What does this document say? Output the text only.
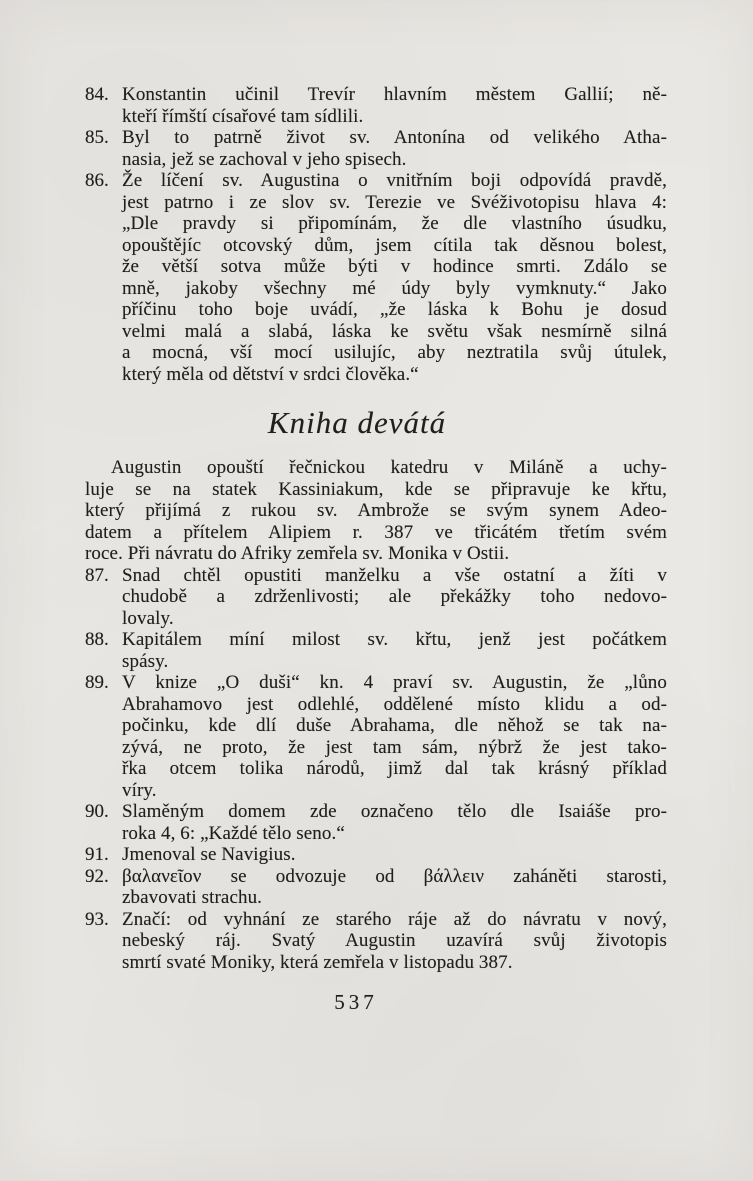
84. Konstantin učinil Trevír hlavním městem Gallií; ně-
kteří římští císařové tam sídlili.
85. Byl to patrně život sv. Antonína od velikého Atha-
nasia, jež se zachoval v jeho spisech.
86. Že líčení sv. Augustina o vnitřním boji odpovídá pravdě,
jest patrno i ze slov sv. Terezie ve Svéživotopisu hlava 4:
„Dle pravdy si připomínám, že dle vlastního úsudku,
opouštějíc otcovský dům, jsem cítila tak děsnou bolest,
že větší sotva může býti v hodince smrti. Zdálo se
mně, jakoby všechny mé údy byly vymknuty.“ Jako
příčinu toho boje uvádí, „že láska k Bohu je dosud
velmi malá a slabá, láska ke světu však nesmírně silná
a mocná, vší mocí usilujíc, aby neztratila svůj útulek,
který měla od dětství v srdci člověka.“
Kniha devátá
Augustin opouští řečnickou katedru v Miláně a uchy-
luje se na statek Kassiniakum, kde se připravuje ke křtu,
který přijímá z rukou sv. Ambrože se svým synem Adeo-
datem a přítelem Alipiem r. 387 ve třicátém třetím svém
roce. Při návratu do Afriky zemřela sv. Monika v Ostii.
87. Snad chtěl opustiti manželku a vše ostatní a žíti v
chudobě a zdrženlivosti; ale překážky toho nedovo-
lovaly.
88. Kapitálem míní milost sv. křtu, jenž jest počátkem
spásy.
89. V knize „O duši“ kn. 4 praví sv. Augustin, že „lůno
Abrahamovo jest odlehlé, oddělené místo klidu a od-
počinku, kde dlí duše Abrahama, dle něhož se tak na-
zývá, ne proto, že jest tam sám, nýbrž že jest tako-
řka otcem tolika národů, jimž dal tak krásný příklad
víry.
90. Slaměným domem zde označeno tělo dle Isaiáše pro-
roka 4, 6: „Každé tělo seno.“
91. Jmenoval se Navigius.
92. βαλανεῖον se odvozuje od βάλλειν zaháněti starosti,
zbavovati strachu.
93. Značí: od vyhnání ze starého ráje až do návratu v nový,
nebeský ráj. Svatý Augustin uzavírá svůj životopis
smrtí svaté Moniky, která zemřela v listopadu 387.
537
